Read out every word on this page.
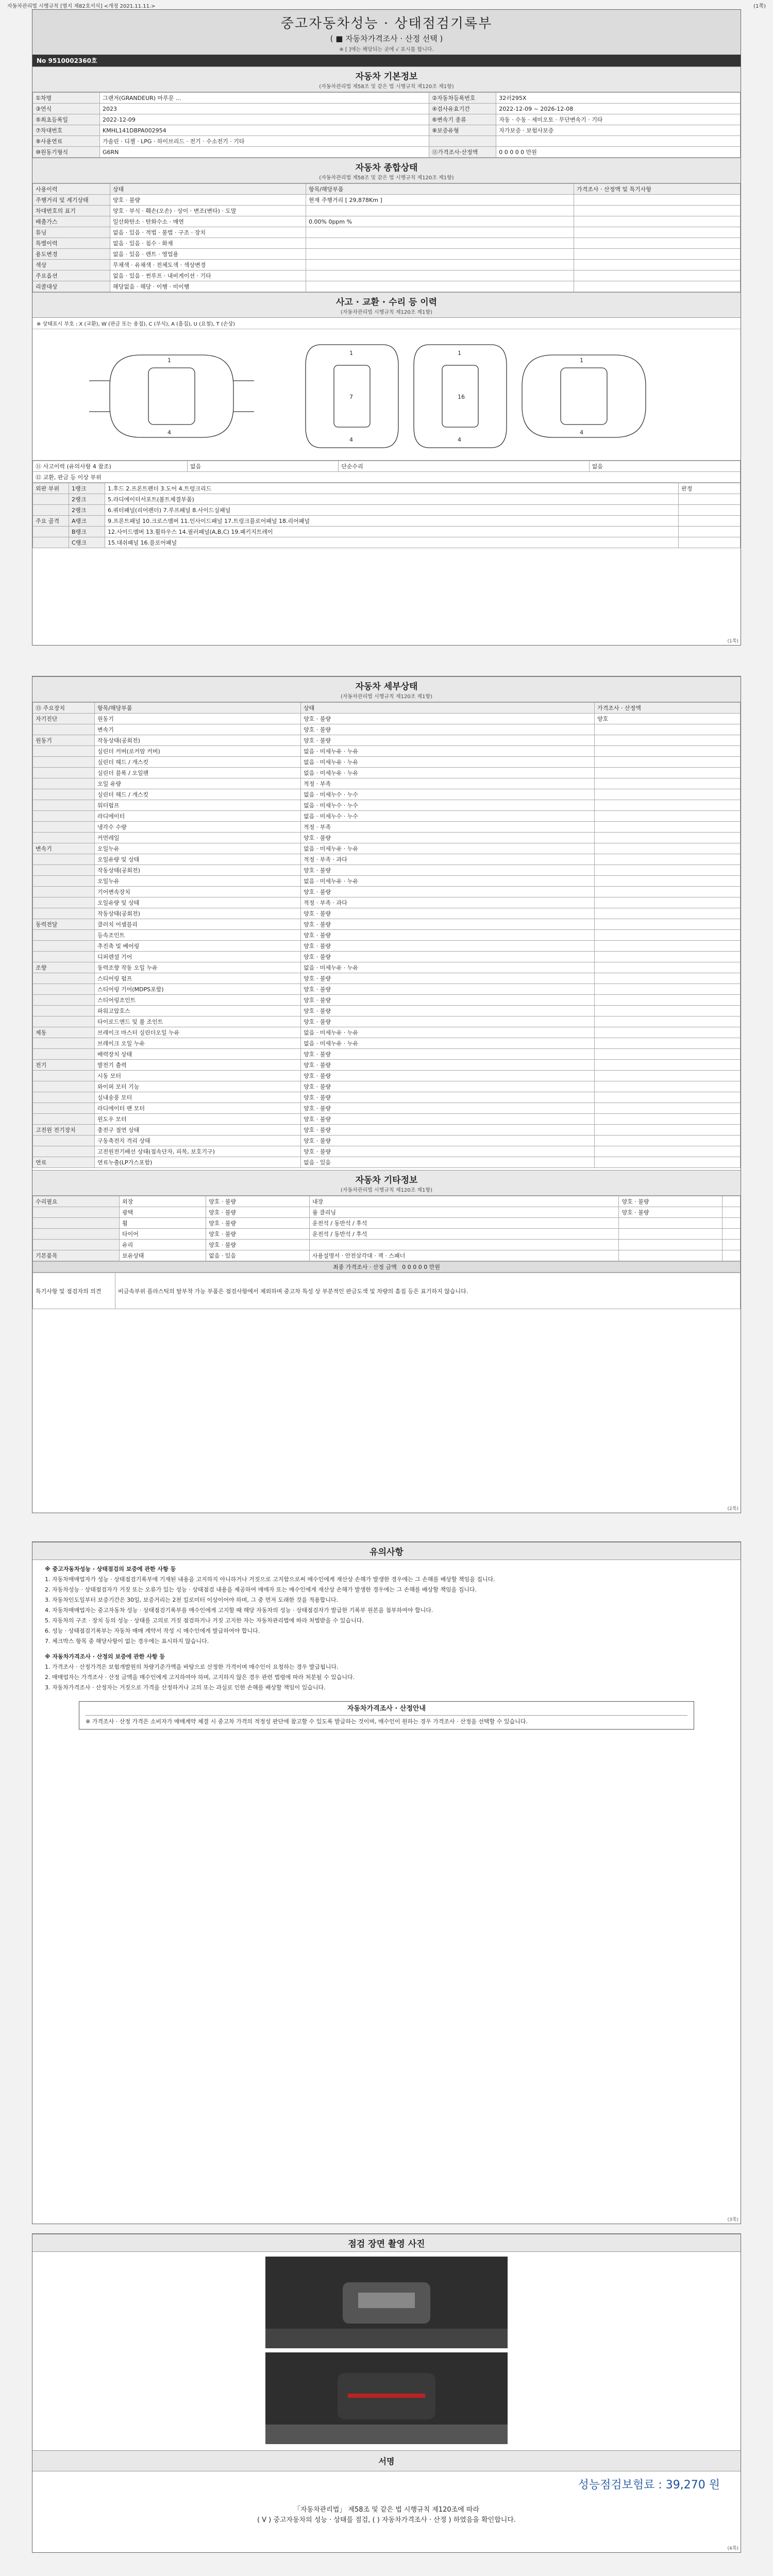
자동차관리법 시행규칙 [별지 제82호서식] <개정 2021.11.11.>	(1쪽)
중고자동차성능 · 상태점검기록부
( ■ 자동차가격조사 · 산정 선택 )
※ [ ]에는 해당되는 곳에 √ 표시를 합니다.
No 9510002360호
자동차 기본정보
(자동차관리법 제58조 및 같은 법 시행규칙 제120조 제1항)
①차명	그랜저(GRANDEUR) 마루문 ...	②자동차등록번호	32러295X
③연식	2023	④검사유효기간	2022-12-09 ~ 2026-12-08
⑤최초등록일	2022-12-09	⑥변속기 종류	자동 · 수동 · 세미오토 · 무단변속기 · 기타
⑦차대번호	KMHL141DBPA002954	⑧보증유형	자가보증 · 보험사보증
⑨사용연료	가솔린 · 디젤 · LPG · 하이브리드 · 전기 · 수소전기 · 기타		
⑩원동기형식	G6RN	⑪가격조사·산정액	0 0 0 0 0 만원
자동차 종합상태
(자동차관리법 제58조 및 같은 법 시행규칙 제120조 제1항)
사용이력	상태	항목/해당부품	가격조사 · 산정액 및 특기사항
주행거리 및 계기상태	양호 · 불량	현재 주행거리 [ 29,878Km ]	
차대번호의 표기	양호 · 부식 · 훼손(오손) · 상이 · 변조(변타) · 도말		
배출가스	일산화탄소 · 탄화수소 · 매연	0.00% 0ppm %	
튜닝	없음 · 있음 · 적법 · 불법 · 구조 · 장치		
특별이력	없음 · 있음 · 침수 · 화재		
용도변경	없음 · 있음 · 렌트 · 영업용		
색상	무채색 · 유채색 · 전체도색 · 색상변경		
주요옵션	없음 · 있음 · 썬루프 · 내비게이션 · 기타		
리콜대상	해당없음 · 해당 · 이행 · 미이행		
사고 · 교환 · 수리 등 이력
(자동차관리법 시행규칙 제120조 제1항)
※ 상태표시 부호 : X (교환), W (판금 또는 용접), C (부식), A (흠집), U (요철), T (손상)
1
4
1
7
4
1
16
4
1
4
⑪ 사고이력 (유의사항 4 참조)	없음	단순수리	없음
⑫ 교환, 판금 등 이상 부위
외판 부위	1랭크	1.후드 2.프론트펜더 3.도어 4.트렁크리드	판정
	2랭크	5.라디에이터서포트(볼트체결부품)	
	2랭크	6.쿼터패널(리어펜더) 7.루프패널 8.사이드실패널	
주요 골격	A랭크	9.프론트패널 10.크로스멤버 11.인사이드패널 17.트렁크플로어패널 18.리어패널	
	B랭크	12.사이드멤버 13.휠하우스 14.필러패널(A,B,C) 19.패키지트레이	
	C랭크	15.대쉬패널 16.플로어패널	
(1쪽)
자동차 세부상태
(자동차관리법 시행규칙 제120조 제1항)
⑬ 주요장치	항목/해당부품	상태	가격조사 · 산정액
자기진단	원동기	양호 · 불량	양호
	변속기	양호 · 불량	
원동기	작동상태(공회전)	양호 · 불량	
	실린더 커버(로커암 커버)	없음 · 미세누유 · 누유	
	실린더 헤드 / 개스킷	없음 · 미세누유 · 누유	
	실린더 블록 / 오일팬	없음 · 미세누유 · 누유	
	오일 유량	적정 · 부족	
	실린더 헤드 / 개스킷	없음 · 미세누수 · 누수	
	워터펌프	없음 · 미세누수 · 누수	
	라디에이터	없음 · 미세누수 · 누수	
	냉각수 수량	적정 · 부족	
	커먼레일	양호 · 불량	
변속기	오일누유	없음 · 미세누유 · 누유	
	오일유량 및 상태	적정 · 부족 · 과다	
	작동상태(공회전)	양호 · 불량	
	오일누유	없음 · 미세누유 · 누유	
	기어변속장치	양호 · 불량	
	오일유량 및 상태	적정 · 부족 · 과다	
	작동상태(공회전)	양호 · 불량	
동력전달	클러치 어셈블리	양호 · 불량	
	등속조인트	양호 · 불량	
	추진축 및 베어링	양호 · 불량	
	디퍼렌셜 기어	양호 · 불량	
조향	동력조향 작동 오일 누유	없음 · 미세누유 · 누유	
	스티어링 펌프	양호 · 불량	
	스티어링 기어(MDPS포함)	양호 · 불량	
	스티어링조인트	양호 · 불량	
	파워고압호스	양호 · 불량	
	타이로드엔드 및 볼 조인트	양호 · 불량	
제동	브레이크 마스터 실린더오일 누유	없음 · 미세누유 · 누유	
	브레이크 오일 누유	없음 · 미세누유 · 누유	
	배력장치 상태	양호 · 불량	
전기	발전기 출력	양호 · 불량	
	시동 모터	양호 · 불량	
	와이퍼 모터 기능	양호 · 불량	
	실내송풍 모터	양호 · 불량	
	라디에이터 팬 모터	양호 · 불량	
	윈도우 모터	양호 · 불량	
고전원 전기장치	충전구 절연 상태	양호 · 불량	
	구동축전지 격리 상태	양호 · 불량	
	고전원전기배선 상태(접속단자, 피복, 보호기구)	양호 · 불량	
연료	연료누출(LP가스포함)	없음 · 있음	
자동차 기타정보
(자동차관리법 시행규칙 제120조 제1항)
수리필요	외장	양호 · 불량	내장	양호 · 불량	
	광택	양호 · 불량	룸 클리닝	양호 · 불량	
	휠	양호 · 불량	운전석 / 동반석 / 후석		
	타이어	양호 · 불량	운전석 / 동반석 / 후석		
	유리	양호 · 불량			
기본품목	보유상태	없음 · 있음	사용설명서 · 안전삼각대 · 잭 · 스패너		
최종 가격조사 · 산정 금액 0 0 0 0 0 만원
특기사항 및 점검자의 의견	비금속부위 플라스틱의 탈부착 가능 부품은 점검사항에서 제외하며 중고차 특성 상 부분적인 판금도색 및 차량의 흠집 등은 표기하지 않습니다.
(2쪽)
유의사항

※ 중고자동차성능 · 상태점검의 보증에 관한 사항 등

1. 자동차매매업자가 성능 · 상태점검기록부에 기재된 내용을 고지하지 아니하거나 거짓으로 고지함으로써 매수인에게 재산상 손해가 발생한 경우에는 그 손해를 배상할 책임을 집니다.

2. 자동차성능 · 상태점검자가 거짓 또는 오류가 있는 성능 · 상태점검 내용을 제공하여 매매자 또는 매수인에게 재산상 손해가 발생한 경우에는 그 손해를 배상할 책임을 집니다.

3. 자동차인도일부터 보증기간은 30일, 보증거리는 2천 킬로미터 이상이어야 하며, 그 중 먼저 도래한 것을 적용합니다.

4. 자동차매매업자는 중고자동차 성능 · 상태점검기록부를 매수인에게 고지할 때 해당 자동차의 성능 · 상태점검자가 발급한 기록부 원본을 첨부하여야 합니다.

5. 자동차의 구조 · 장치 등의 성능 · 상태를 고의로 거짓 점검하거나 거짓 고지한 자는 자동차관리법에 따라 처벌받을 수 있습니다.

6. 성능 · 상태점검기록부는 자동차 매매 계약서 작성 시 매수인에게 발급하여야 합니다.

7. 체크박스 항목 중 해당사항이 없는 경우에는 표시하지 않습니다.

※ 자동차가격조사 · 산정의 보증에 관한 사항 등

1. 가격조사 · 산정가격은 보험개발원의 차량기준가액을 바탕으로 산정한 가격이며 매수인이 요청하는 경우 발급됩니다.

2. 매매업자는 가격조사 · 산정 금액을 매수인에게 고지하여야 하며, 고지하지 않은 경우 관련 법령에 따라 처분될 수 있습니다.

3. 자동차가격조사 · 산정자는 거짓으로 가격을 산정하거나 고의 또는 과실로 인한 손해를 배상할 책임이 있습니다.

자동차가격조사 · 산정안내
※ 가격조사 · 산정 가격은 소비자가 매매계약 체결 시 중고차 가격의 적정성 판단에 참고할 수 있도록 발급하는 것이며, 매수인이 원하는 경우 가격조사 · 산정을 선택할 수 있습니다.
(3쪽)
점검 장면 촬영 사진
서명
성능점검보험료 : 39,270 원
「자동차관리법」 제58조 및 같은 법 시행규칙 제120조에 따라
( V ) 중고자동차의 성능 · 상태를 점검, ( ) 자동차가격조사 · 산정 ) 하였음을 확인합니다.
(4쪽)
